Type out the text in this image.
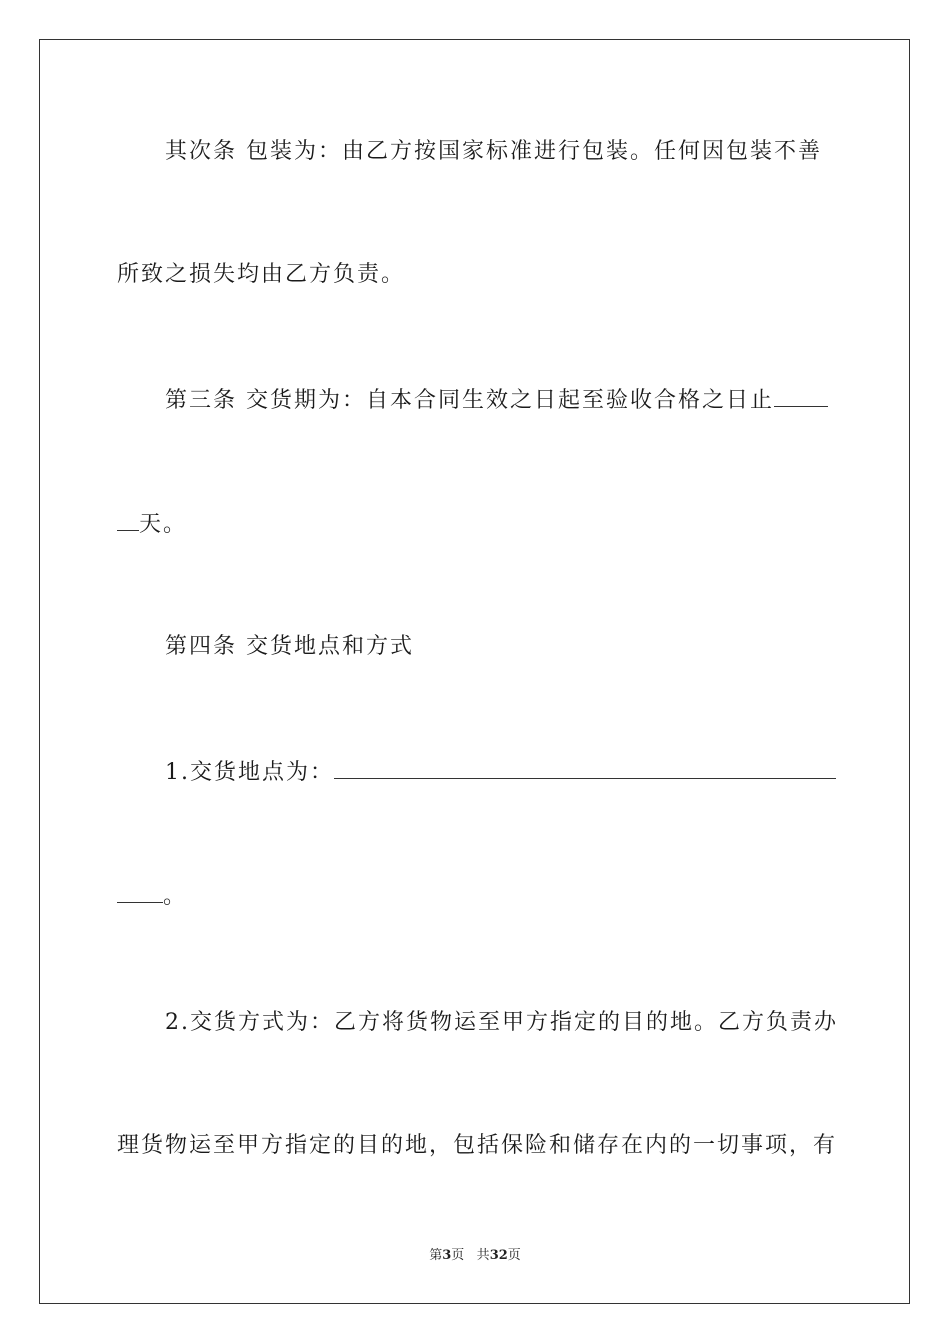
其次条 包装为：由乙方按国家标准进行包装。任何因包装不善
所致之损失均由乙方负责。
第三条 交货期为：自本合同生效之日起至验收合格之日止
天。
第四条 交货地点和方式
1.交货地点为：
。
2.交货方式为：乙方将货物运至甲方指定的目的地。乙方负责办
理货物运至甲方指定的目的地，包括保险和储存在内的一切事项，有
第3页 共32页
